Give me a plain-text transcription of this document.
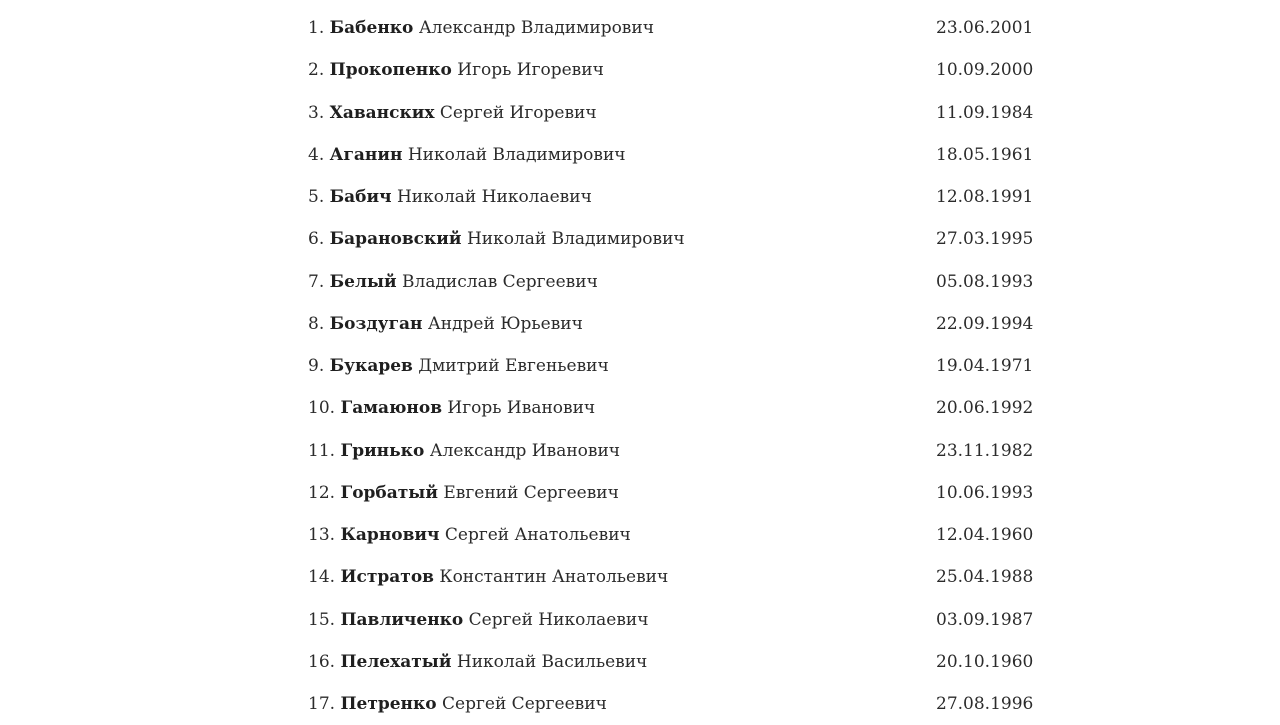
1. Бабенко Александр Владимирович	23.06.2001
2. Прокопенко Игорь Игоревич	10.09.2000
3. Хаванских Сергей Игоревич	11.09.1984
4. Аганин Николай Владимирович	18.05.1961
5. Бабич Николай Николаевич	12.08.1991
6. Барановский Николай Владимирович	27.03.1995
7. Белый Владислав Сергеевич	05.08.1993
8. Боздуган Андрей Юрьевич	22.09.1994
9. Букарев Дмитрий Евгеньевич	19.04.1971
10. Гамаюнов Игорь Иванович	20.06.1992
11. Гринько Александр Иванович	23.11.1982
12. Горбатый Евгений Сергеевич	10.06.1993
13. Карнович Сергей Анатольевич	12.04.1960
14. Истратов Константин Анатольевич	25.04.1988
15. Павличенко Сергей Николаевич	03.09.1987
16. Пелехатый Николай Васильевич	20.10.1960
17. Петренко Сергей Сергеевич	27.08.1996
